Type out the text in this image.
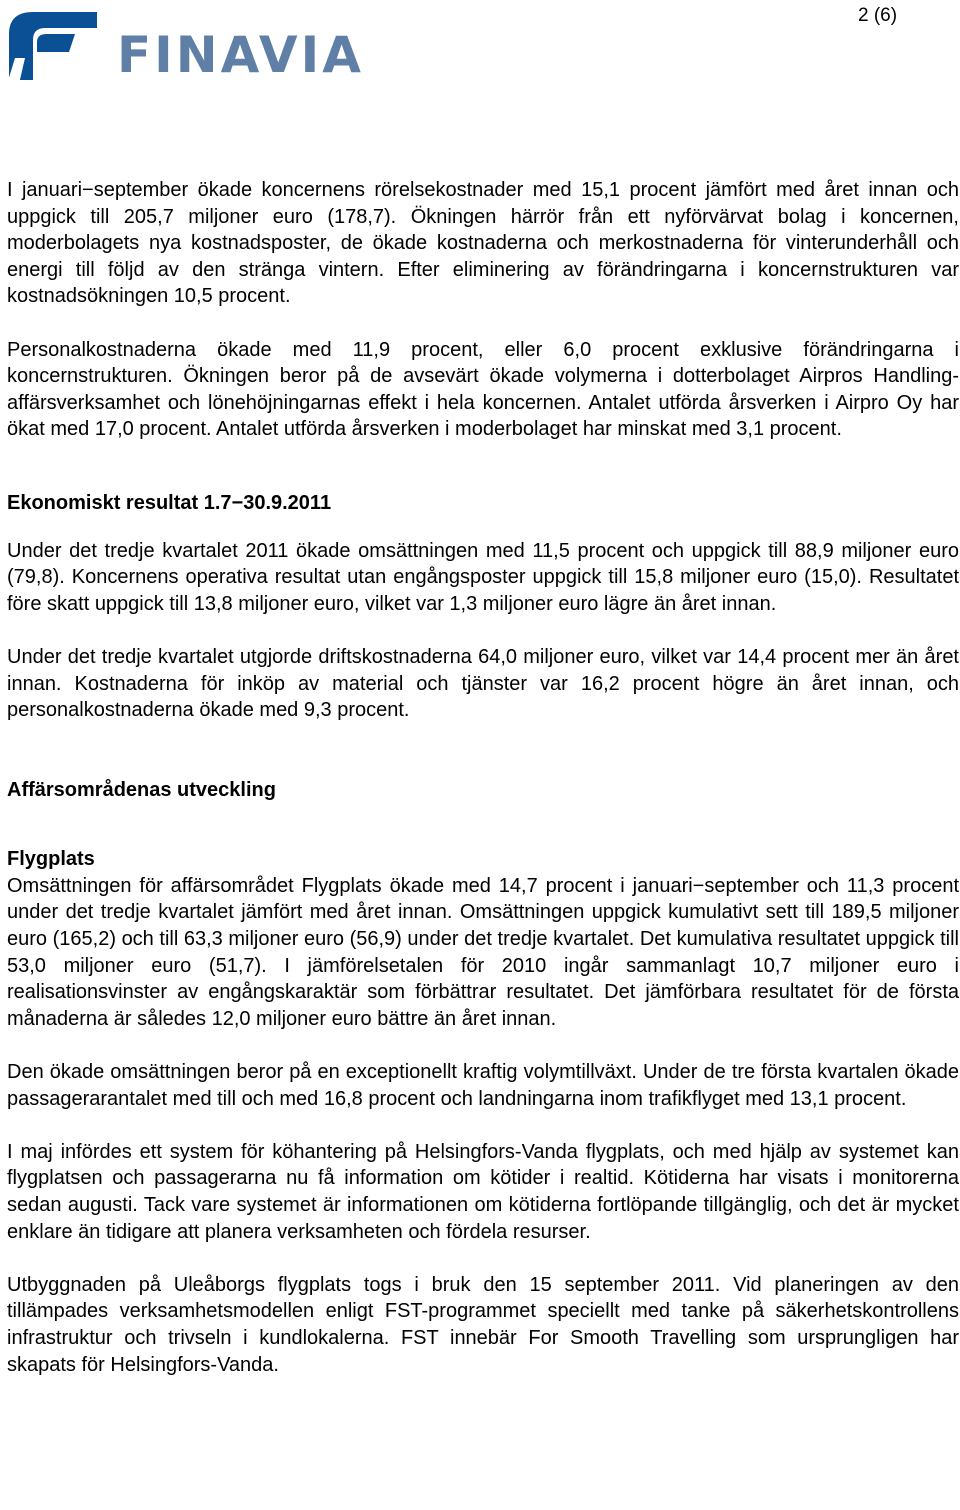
FINAVIA
2 (6)

I januari−september ökade koncernens rörelsekostnader med 15,1 procent jämfört med året innan och uppgick till 205,7 miljoner euro (178,7). Ökningen härrör från ett nyförvärvat bolag i koncernen, moderbolagets nya kostnadsposter, de ökade kostnaderna och merkostnaderna för vinterunderhåll och energi till följd av den stränga vintern. Efter eliminering av förändringarna i koncernstrukturen var kostnadsökningen 10,5 procent.

Personalkostnaderna ökade med 11,9 procent, eller 6,0 procent exklusive förändringarna i koncernstrukturen. Ökningen beror på de avsevärt ökade volymerna i dotterbolaget Airpros Handling-affärsverksamhet och lönehöjningarnas effekt i hela koncernen. Antalet utförda årsverken i Airpro Oy har ökat med 17,0 procent. Antalet utförda årsverken i moderbolaget har minskat med 3,1 procent.

Ekonomiskt resultat 1.7−30.9.2011

Under det tredje kvartalet 2011 ökade omsättningen med 11,5 procent och uppgick till 88,9 miljoner euro (79,8). Koncernens operativa resultat utan engångsposter uppgick till 15,8 miljoner euro (15,0). Resultatet före skatt uppgick till 13,8 miljoner euro, vilket var 1,3 miljoner euro lägre än året innan.

Under det tredje kvartalet utgjorde driftskostnaderna 64,0 miljoner euro, vilket var 14,4 procent mer än året innan. Kostnaderna för inköp av material och tjänster var 16,2 procent högre än året innan, och personalkostnaderna ökade med 9,3 procent.

Affärsområdenas utveckling
Flygplats

Omsättningen för affärsområdet Flygplats ökade med 14,7 procent i januari−september och 11,3 procent under det tredje kvartalet jämfört med året innan. Omsättningen uppgick kumulativt sett till 189,5 miljoner euro (165,2) och till 63,3 miljoner euro (56,9) under det tredje kvartalet. Det kumulativa resultatet uppgick till 53,0 miljoner euro (51,7). I jämförelsetalen för 2010 ingår sammanlagt 10,7 miljoner euro i realisationsvinster av engångskaraktär som förbättrar resultatet. Det jämförbara resultatet för de första månaderna är således 12,0 miljoner euro bättre än året innan.

Den ökade omsättningen beror på en exceptionellt kraftig volymtillväxt. Under de tre första kvartalen ökade passagerarantalet med till och med 16,8 procent och landningarna inom trafikflyget med 13,1 procent.

I maj infördes ett system för köhantering på Helsingfors-Vanda flygplats, och med hjälp av systemet kan flygplatsen och passagerarna nu få information om kötider i realtid. Kötiderna har visats i monitorerna sedan augusti. Tack vare systemet är informationen om kötiderna fortlöpande tillgänglig, och det är mycket enklare än tidigare att planera verksamheten och fördela resurser.

Utbyggnaden på Uleåborgs flygplats togs i bruk den 15 september 2011. Vid planeringen av den tillämpades verksamhetsmodellen enligt FST-programmet speciellt med tanke på säkerhetskontrollens infrastruktur och trivseln i kundlokalerna. FST innebär For Smooth Travelling som ursprungligen har skapats för Helsingfors-Vanda.
